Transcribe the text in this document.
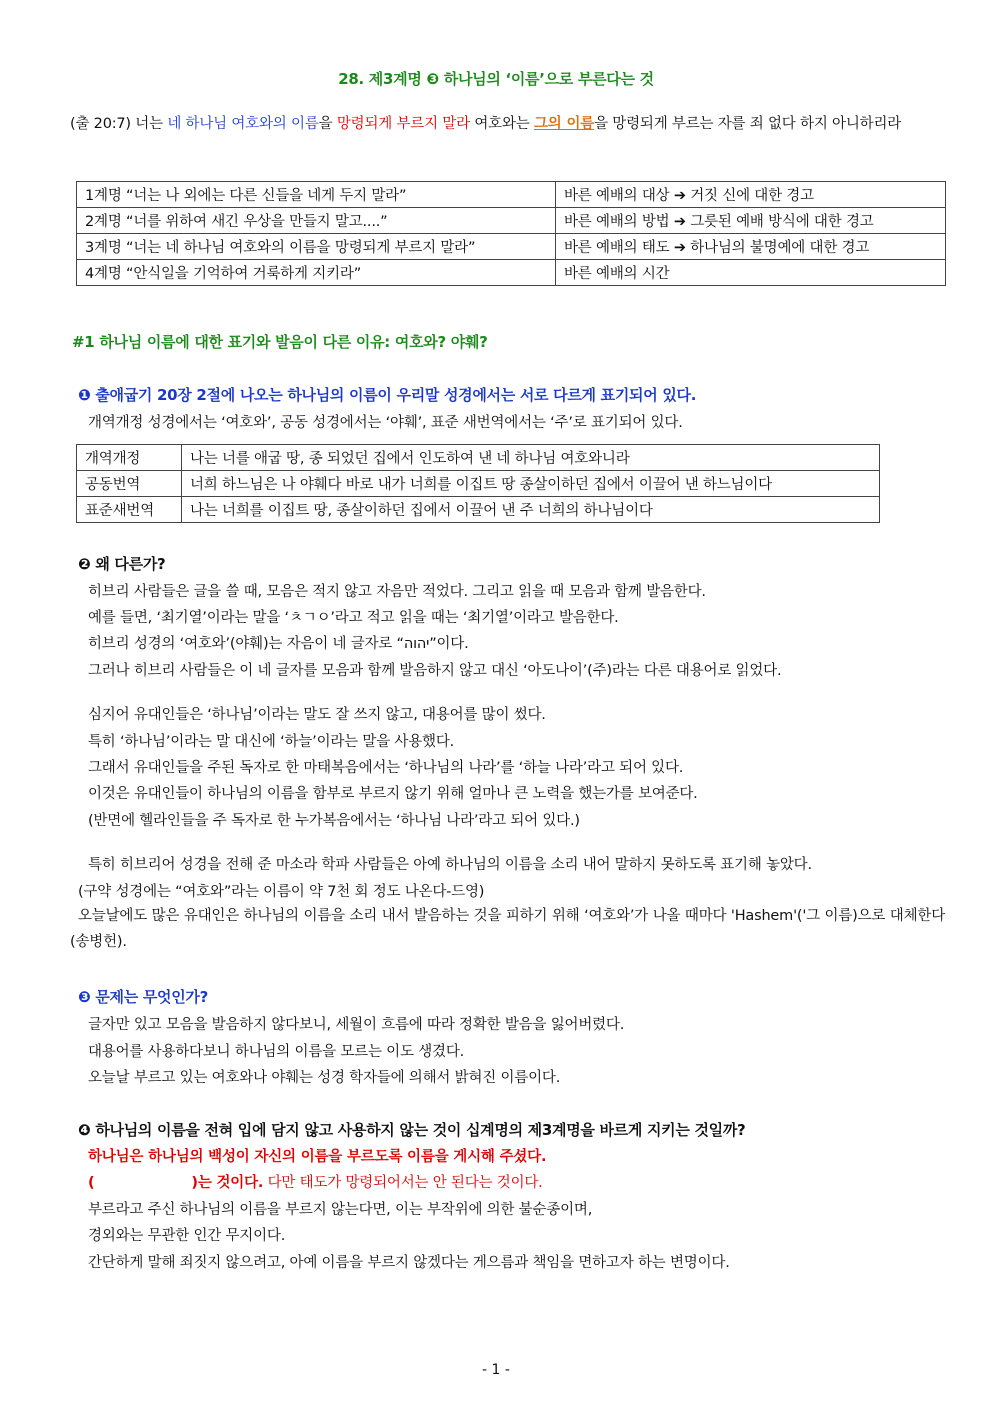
28. 제3계명 ❸ 하나님의 ‘이름’으로 부른다는 것
(출 20:7) 너는 네 하나님 여호와의 이름을 망령되게 부르지 말라 여호와는 그의 이름을 망령되게 부르는 자를 죄 없다 하지 아니하리라
1계명 “너는 나 외에는 다른 신들을 네게 두지 말라”	바른 예배의 대상 ➔ 거짓 신에 대한 경고
2계명 “너를 위하여 새긴 우상을 만들지 말고....”	바른 예배의 방법 ➔ 그릇된 예배 방식에 대한 경고
3계명 “너는 네 하나님 여호와의 이름을 망령되게 부르지 말라”	바른 예배의 태도 ➔ 하나님의 불명예에 대한 경고
4계명 “안식일을 기억하여 거룩하게 지키라”	바른 예배의 시간
#1 하나님 이름에 대한 표기와 발음이 다른 이유: 여호와? 야훼?
❶ 출애굽기 20장 2절에 나오는 하나님의 이름이 우리말 성경에서는 서로 다르게 표기되어 있다.
개역개정 성경에서는 ‘여호와’, 공동 성경에서는 ‘야훼’, 표준 새번역에서는 ‘주’로 표기되어 있다.
개역개정	나는 너를 애굽 땅, 종 되었던 집에서 인도하여 낸 네 하나님 여호와니라
공동번역	너희 하느님은 나 야훼다 바로 내가 너희를 이집트 땅 종살이하던 집에서 이끌어 낸 하느님이다
표준새번역	나는 너희를 이집트 땅, 종살이하던 집에서 이끌어 낸 주 너희의 하나님이다
❷ 왜 다른가?
히브리 사람들은 글을 쓸 때, 모음은 적지 않고 자음만 적었다. 그리고 읽을 때 모음과 함께 발음한다.
예를 들면, ‘최기열’이라는 말을 ‘ㅊㄱㅇ’라고 적고 읽을 때는 ‘최기열’이라고 발음한다.
히브리 성경의 ‘여호와’(야훼)는 자음이 네 글자로 “יהוה”이다.
그러나 히브리 사람들은 이 네 글자를 모음과 함께 발음하지 않고 대신 ‘아도나이’(주)라는 다른 대용어로 읽었다.
심지어 유대인들은 ‘하나님’이라는 말도 잘 쓰지 않고, 대용어를 많이 썼다.
특히 ‘하나님’이라는 말 대신에 ‘하늘’이라는 말을 사용했다.
그래서 유대인들을 주된 독자로 한 마태복음에서는 ‘하나님의 나라’를 ‘하늘 나라’라고 되어 있다.
이것은 유대인들이 하나님의 이름을 함부로 부르지 않기 위해 얼마나 큰 노력을 했는가를 보여준다.
(반면에 헬라인들을 주 독자로 한 누가복음에서는 ‘하나님 나라’라고 되어 있다.)
특히 히브리어 성경을 전해 준 마소라 학파 사람들은 아예 하나님의 이름을 소리 내어 말하지 못하도록 표기해 놓았다.
(구약 성경에는 “여호와”라는 이름이 약 7천 회 정도 나온다-드영)
오늘날에도 많은 유대인은 하나님의 이름을 소리 내서 발음하는 것을 피하기 위해 ‘여호와’가 나올 때마다 'Hashem'('그 이름)으로 대체한다(송병헌).
❸ 문제는 무엇인가?
글자만 있고 모음을 발음하지 않다보니, 세월이 흐름에 따라 정확한 발음을 잃어버렸다.
대용어를 사용하다보니 하나님의 이름을 모르는 이도 생겼다.
오늘날 부르고 있는 여호와나 야훼는 성경 학자들에 의해서 밝혀진 이름이다.
❹ 하나님의 이름을 전혀 입에 담지 않고 사용하지 않는 것이 십계명의 제3계명을 바르게 지키는 것일까?
하나님은 하나님의 백성이 자신의 이름을 부르도록 이름을 게시해 주셨다.
(                    )는 것이다. 다만 태도가 망령되어서는 안 된다는 것이다.
부르라고 주신 하나님의 이름을 부르지 않는다면, 이는 부작위에 의한 불순종이며,
경외와는 무관한 인간 무지이다.
간단하게 말해 죄짓지 않으려고, 아예 이름을 부르지 않겠다는 게으름과 책임을 면하고자 하는 변명이다.
- 1 -
